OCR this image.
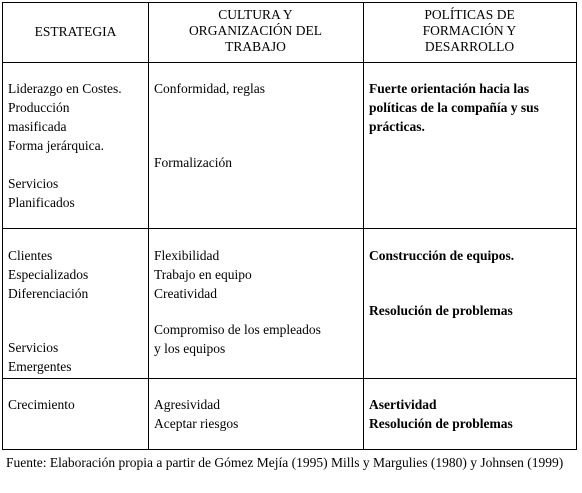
ESTRATEGIA
CULTURA Y
ORGANIZACIÓN DEL
TRABAJO
POLÍTICAS DE
FORMACIÓN Y
DESARROLLO
Liderazgo en Costes.
Producción
masificada
Forma jerárquica.

Servicios
Planificados
Conformidad, reglas
Formalización
Fuerte orientación hacia las
políticas de la compañía y sus
prácticas.
Clientes
Especializados
Diferenciación
Servicios
Emergentes
Flexibilidad
Trabajo en equipo
Creatividad
Compromiso de los empleados
y los equipos
Construcción de equipos.
Resolución de problemas
Crecimiento	Agresividad
Aceptar riesgos
Asertividad
Resolución de problemas
Fuente: Elaboración propia a partir de Gómez Mejía (1995) Mills y Margulies (1980) y Johnsen (1999)
